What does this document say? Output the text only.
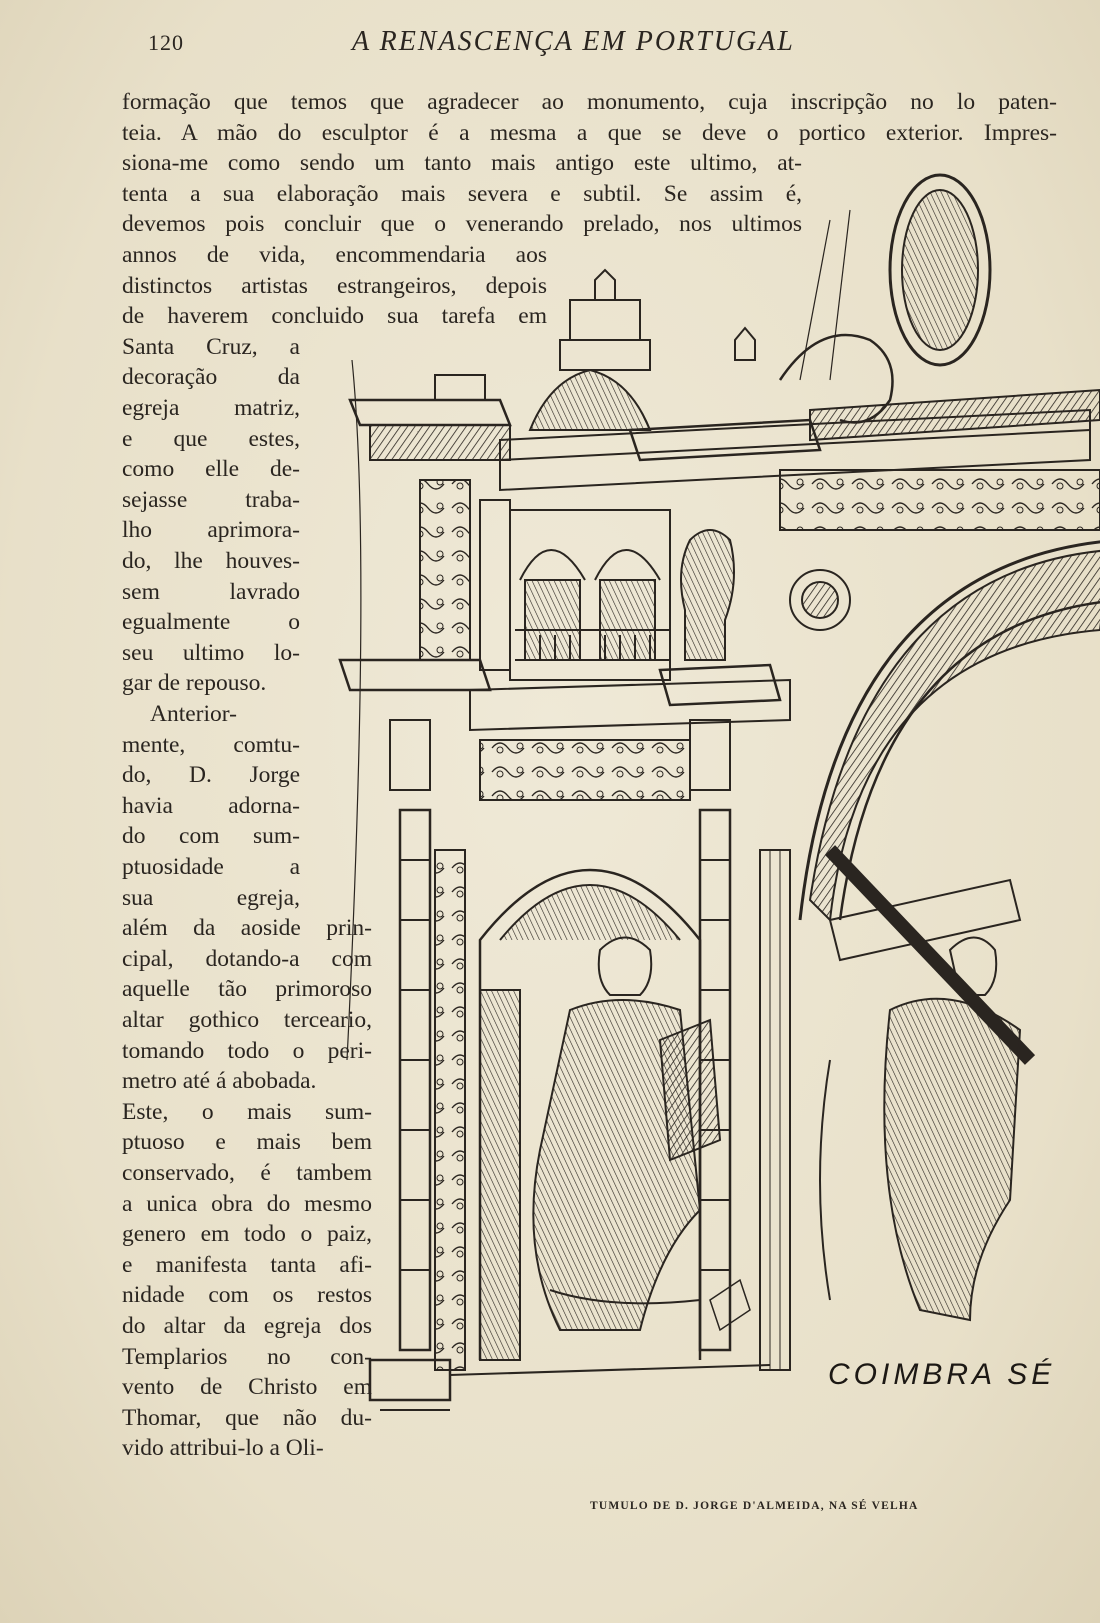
120	A RENASCENÇA EM PORTUGAL
formação que temos que agradecer ao monumento, cuja inscripção no lo paten-
teia. A mão do esculptor é a mesma a que se deve o portico exterior. Impres-
siona-me como sendo um tanto mais antigo este ultimo, at-
tenta a sua elaboração mais severa e subtil. Se assim é,
devemos pois concluir que o venerando prelado, nos ultimos
annos de vida, encommendaria aos
distinctos artistas estrangeiros, depois
de haverem concluido sua tarefa em
Santa Cruz, a
decoração da
egreja matriz,
e que estes,
como elle de-
sejasse traba-
lho aprimora-
do, lhe houves-
sem lavrado
egualmente o
seu ultimo lo-
gar de repouso.
Anterior-
mente, comtu-
do, D. Jorge
havia adorna-
do com sum-
ptuosidade a
sua egreja,
além da aoside prin-
cipal, dotando-a com
aquelle tão primoroso
altar gothico terceario,
tomando todo o peri-
metro até á abobada.
Este, o mais sum-
ptuoso e mais bem
conservado, é tambem
a unica obra do mesmo
genero em todo o paiz,
e manifesta tanta afi-
nidade com os restos
do altar da egreja dos
Templarios no con-
vento de Christo em
Thomar, que não du-
vido attribui-lo a Oli-
COIMBRA SÉ
TUMULO DE D. JORGE D'ALMEIDA, NA SÉ VELHA
